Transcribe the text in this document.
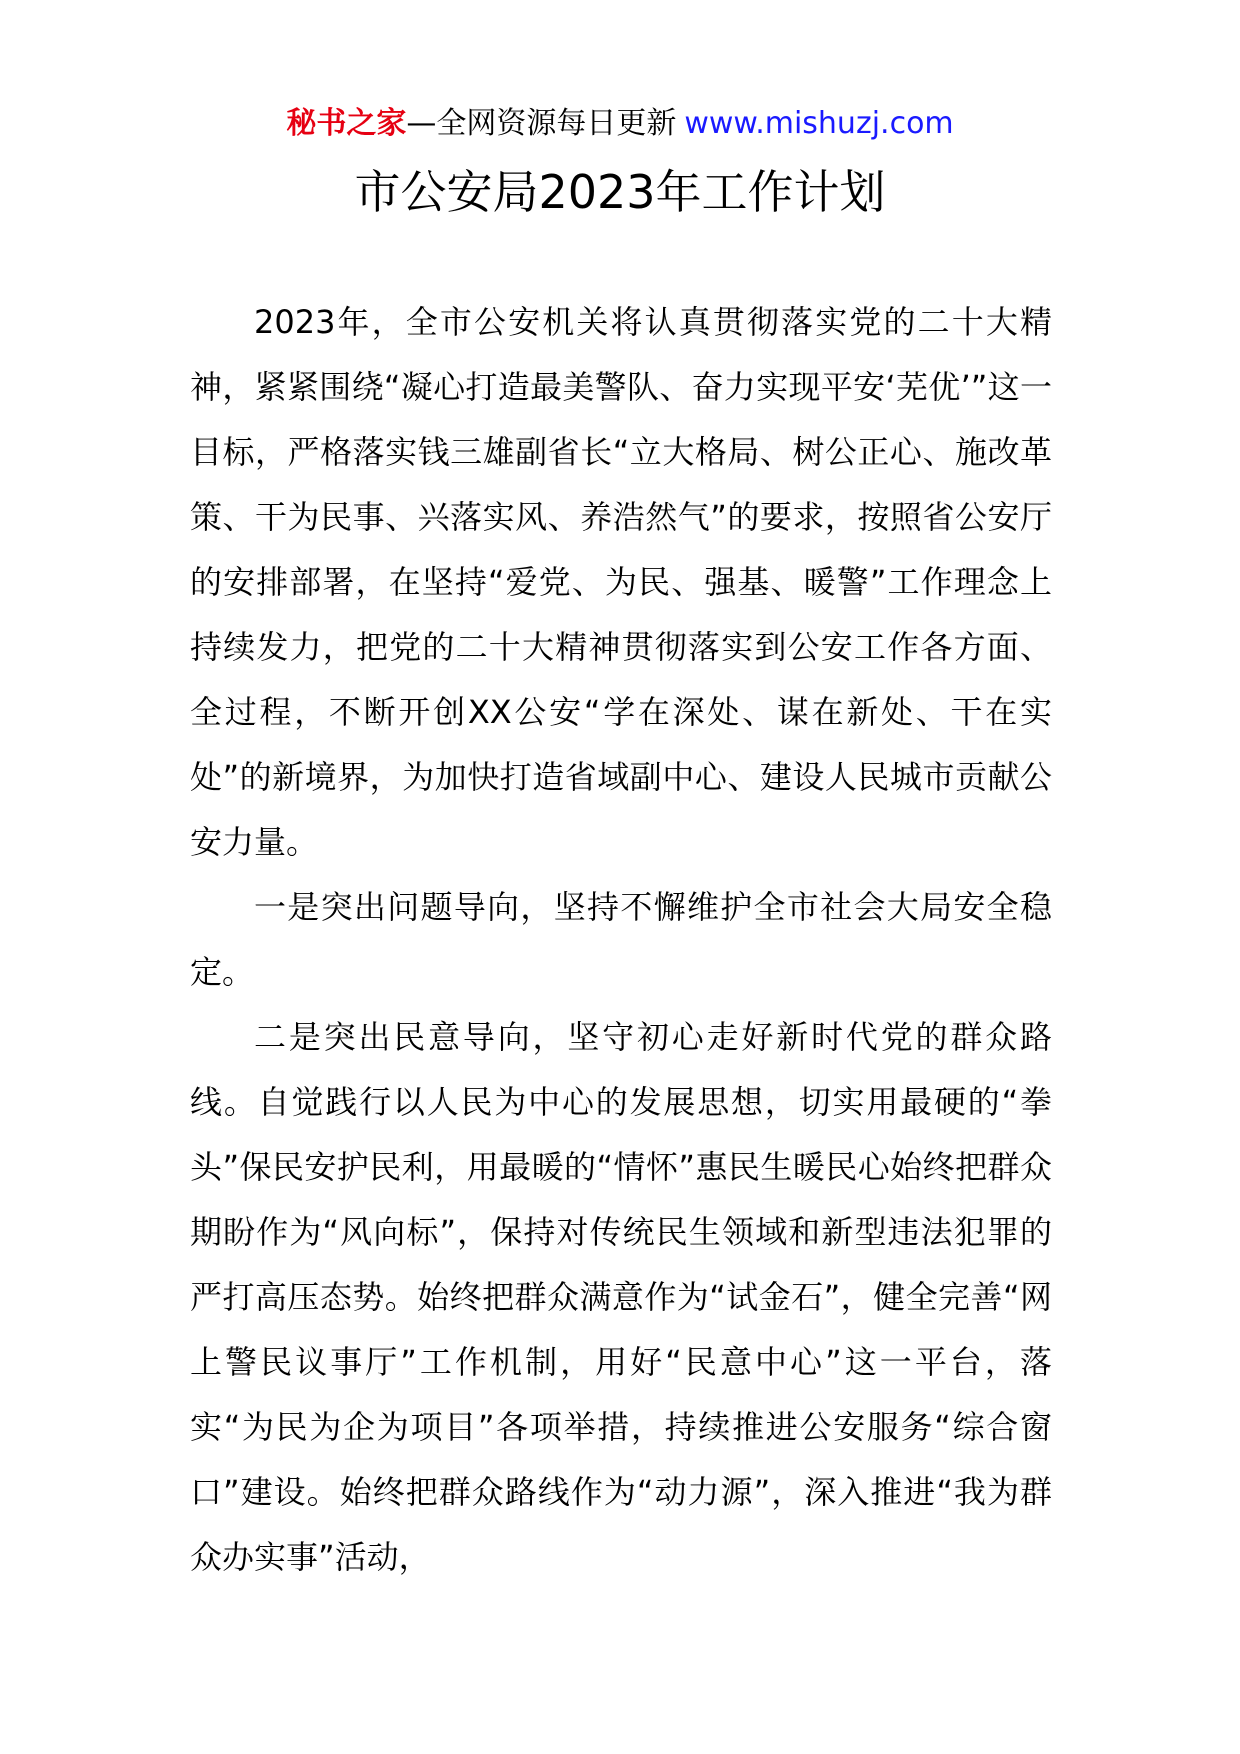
秘书之家—全网资源每日更新 www.mishuzj.com
市公安局2023年工作计划

2023年，全市公安机关将认真贯彻落实党的二十大精神，紧紧围绕“凝心打造最美警队、奋力实现平安‘芜优’”这一目标，严格落实钱三雄副省长“立大格局、树公正心、施改革策、干为民事、兴落实风、养浩然气”的要求，按照省公安厅的安排部署，在坚持“爱党、为民、强基、暖警”工作理念上持续发力，把党的二十大精神贯彻落实到公安工作各方面、全过程，不断开创XX公安“学在深处、谋在新处、干在实处”的新境界，为加快打造省域副中心、建设人民城市贡献公安力量。

一是突出问题导向，坚持不懈维护全市社会大局安全稳定。

二是突出民意导向，坚守初心走好新时代党的群众路线。自觉践行以人民为中心的发展思想，切实用最硬的“拳头”保民安护民利，用最暖的“情怀”惠民生暖民心始终把群众期盼作为“风向标”，保持对传统民生领域和新型违法犯罪的严打高压态势。始终把群众满意作为“试金石”，健全完善“网上警民议事厅”工作机制，用好“民意中心”这一平台，落实“为民为企为项目”各项举措，持续推进公安服务“综合窗口”建设。始终把群众路线作为“动力源”，深入推进“我为群众办实事”活动，
